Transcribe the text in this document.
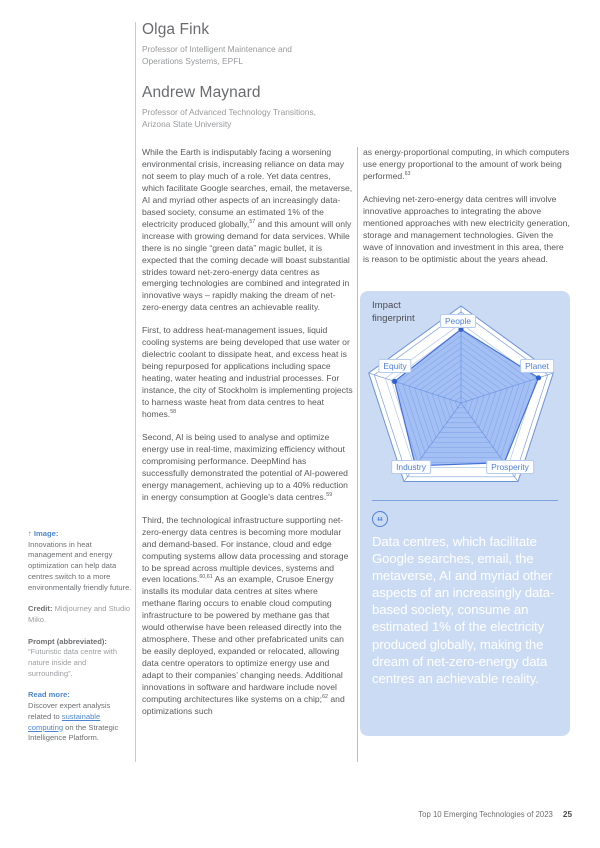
Olga Fink

Professor of Intelligent Maintenance and
Operations Systems, EPFL

Andrew Maynard

Professor of Advanced Technology Transitions,
Arizona State University

↑ Image:
Innovations in heat management and energy optimization can help data centres switch to a more environmentally friendly future.
Credit: Midjourney and Studio Miko.
Prompt (abbreviated):
“Futuristic data centre with nature inside and surrounding”.
Read more:
Discover expert analysis related to sustainable computing on the Strategic Intelligence Platform.

While the Earth is indisputably facing a worsening environmental crisis, increasing reliance on data may not seem to play much of a role. Yet data centres, which facilitate Google searches, email, the metaverse, AI and myriad other aspects of an increasingly data-based society, consume an estimated 1% of the electricity produced globally,$^{57}$ and this amount will only increase with growing demand for data services. While there is no single “green data” magic bullet, it is expected that the coming decade will boast substantial strides toward net-zero-energy data centres as emerging technologies are combined and integrated in innovative ways – rapidly making the dream of net-zero-energy data centres an achievable reality.

First, to address heat-management issues, liquid cooling systems are being developed that use water or dielectric coolant to dissipate heat, and excess heat is being repurposed for applications including space heating, water heating and industrial processes. For instance, the city of Stockholm is implementing projects to harness waste heat from data centres to heat homes.$^{58}$

Second, AI is being used to analyse and optimize energy use in real-time, maximizing efficiency without compromising performance. DeepMind has successfully demonstrated the potential of AI-powered energy management, achieving up to a 40% reduction in energy consumption at Google’s data centres.$^{59}$

Third, the technological infrastructure supporting net-zero-energy data centres is becoming more modular and demand-based. For instance, cloud and edge computing systems allow data processing and storage to be spread across multiple devices, systems and even locations.$^{60,61}$ As an example, Crusoe Energy installs its modular data centres at sites where methane flaring occurs to enable cloud computing infrastructure to be powered by methane gas that would otherwise have been released directly into the atmosphere. These and other prefabricated units can be easily deployed, expanded or relocated, allowing data centre operators to optimize energy use and adapt to their companies’ changing needs. Additional innovations in software and hardware include novel computing architectures like systems on a chip;$^{62}$ and optimizations such

as energy-proportional computing, in which computers use energy proportional to the amount of work being performed.$^{63}$

Achieving net-zero-energy data centres will involve innovative approaches to integrating the above mentioned approaches with new electricity generation, storage and management technologies. Given the wave of innovation and investment in this area, there is reason to be optimistic about the years ahead.

People
Planet
Prosperity
Industry
Equity
Impact
fingerprint
“
Data centres, which facilitate Google searches, email, the metaverse, AI and myriad other aspects of an increasingly data-based society, consume an estimated 1% of the electricity produced globally, making the dream of net-zero-energy data centres an achievable reality.
Top 10 Emerging Technologies of 2023 25
